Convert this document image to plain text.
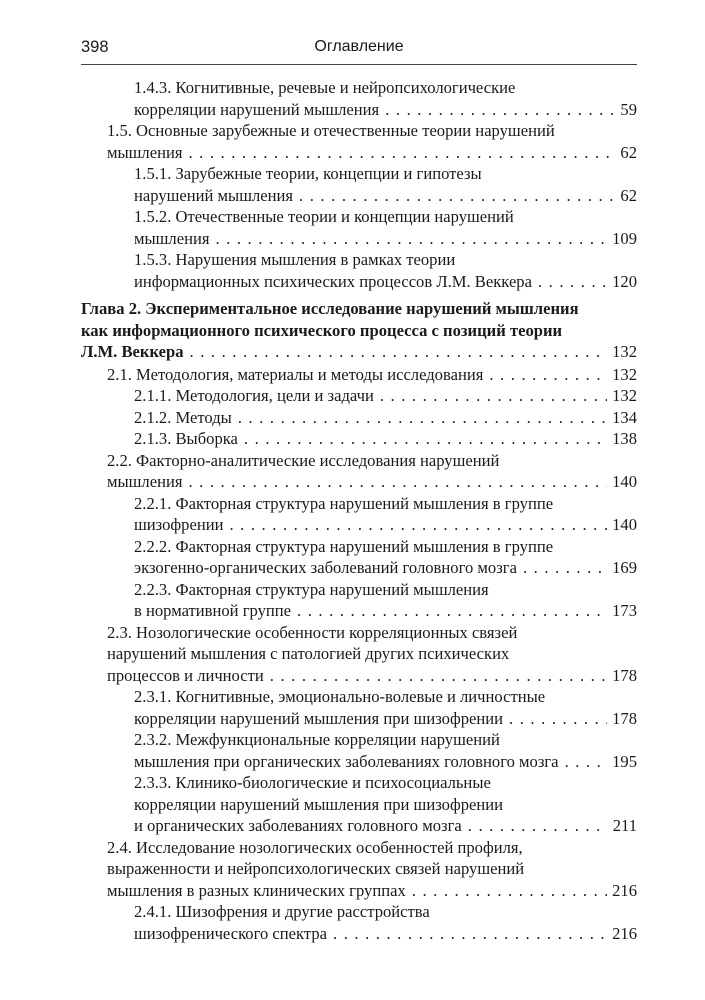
398	Оглавление
1.4.3. Когнитивные, речевые и нейропсихологические
корреляции нарушений мышления . . .	59
1.5. Основные зарубежные и отечественные теории нарушений
мышления . . .	62
1.5.1. Зарубежные теории, концепции и гипотезы
нарушений мышления . . .	62
1.5.2. Отечественные теории и концепции нарушений
мышления . . .	109
1.5.3. Нарушения мышления в рамках теории
информационных психических процессов Л.М. Веккера . . .	120
Глава 2. Экспериментальное исследование нарушений мышления
как информационного психического процесса с позиций теории
Л.М. Веккера . . .	132
2.1. Методология, материалы и методы исследования . . .	132
2.1.1. Методология, цели и задачи . . .	132
2.1.2. Методы . . .	134
2.1.3. Выборка . . .	138
2.2. Факторно-аналитические исследования нарушений
мышления . . .	140
2.2.1. Факторная структура нарушений мышления в группе
шизофрении . . .	140
2.2.2. Факторная структура нарушений мышления в группе
экзогенно-органических заболеваний головного мозга . . .	169
2.2.3. Факторная структура нарушений мышления
в нормативной группе . . .	173
2.3. Нозологические особенности корреляционных связей
нарушений мышления с патологией других психических
процессов и личности . . .	178
2.3.1. Когнитивные, эмоционально-волевые и личностные
корреляции нарушений мышления при шизофрении . . .	178
2.3.2. Межфункциональные корреляции нарушений
мышления при органических заболеваниях головного мозга . . .	195
2.3.3. Клинико-биологические и психосоциальные
корреляции нарушений мышления при шизофрении
и органических заболеваниях головного мозга . . .	211
2.4. Исследование нозологических особенностей профиля,
выраженности и нейропсихологических связей нарушений
мышления в разных клинических группах . . .	216
2.4.1. Шизофрения и другие расстройства
шизофренического спектра . . .	216
